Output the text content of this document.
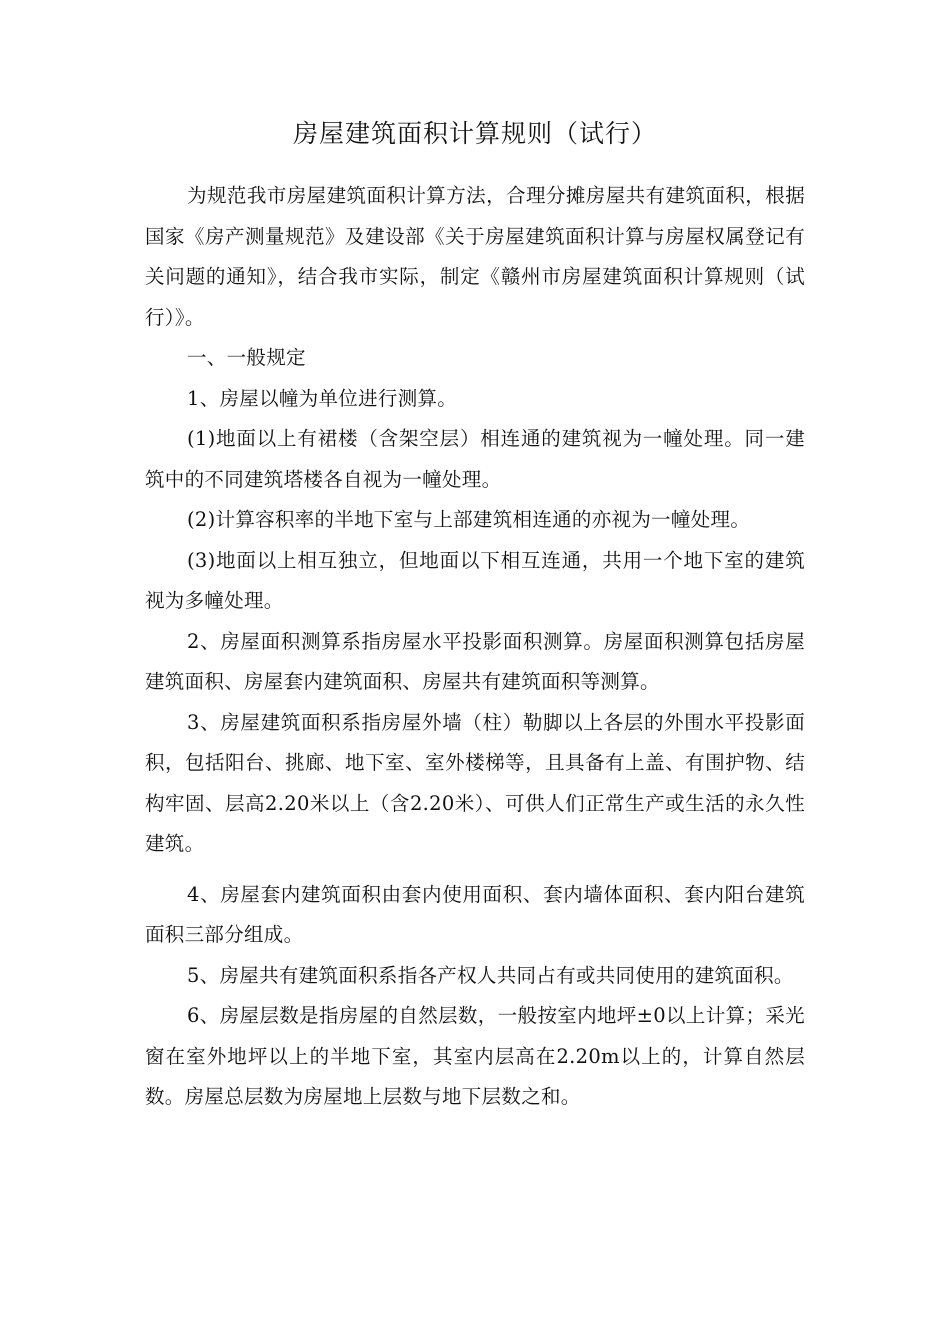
房屋建筑面积计算规则（试行）

为规范我市房屋建筑面积计算方法，合理分摊房屋共有建筑面积，根据国家《房产测量规范》及建设部《关于房屋建筑面积计算与房屋权属登记有关问题的通知》，结合我市实际，制定《赣州市房屋建筑面积计算规则（试行）》。

一、一般规定

1、房屋以幢为单位进行测算。

(1)地面以上有裙楼（含架空层）相连通的建筑视为一幢处理。同一建筑中的不同建筑塔楼各自视为一幢处理。

(2)计算容积率的半地下室与上部建筑相连通的亦视为一幢处理。

(3)地面以上相互独立，但地面以下相互连通，共用一个地下室的建筑视为多幢处理。

2、房屋面积测算系指房屋水平投影面积测算。房屋面积测算包括房屋建筑面积、房屋套内建筑面积、房屋共有建筑面积等测算。

3、房屋建筑面积系指房屋外墙（柱）勒脚以上各层的外围水平投影面积，包括阳台、挑廊、地下室、室外楼梯等，且具备有上盖、有围护物、结构牢固、层高2.20米以上（含2.20米）、可供人们正常生产或生活的永久性建筑。

4、房屋套内建筑面积由套内使用面积、套内墙体面积、套内阳台建筑面积三部分组成。

5、房屋共有建筑面积系指各产权人共同占有或共同使用的建筑面积。

6、房屋层数是指房屋的自然层数，一般按室内地坪±0以上计算；采光窗在室外地坪以上的半地下室，其室内层高在2.20m以上的，计算自然层数。房屋总层数为房屋地上层数与地下层数之和。
